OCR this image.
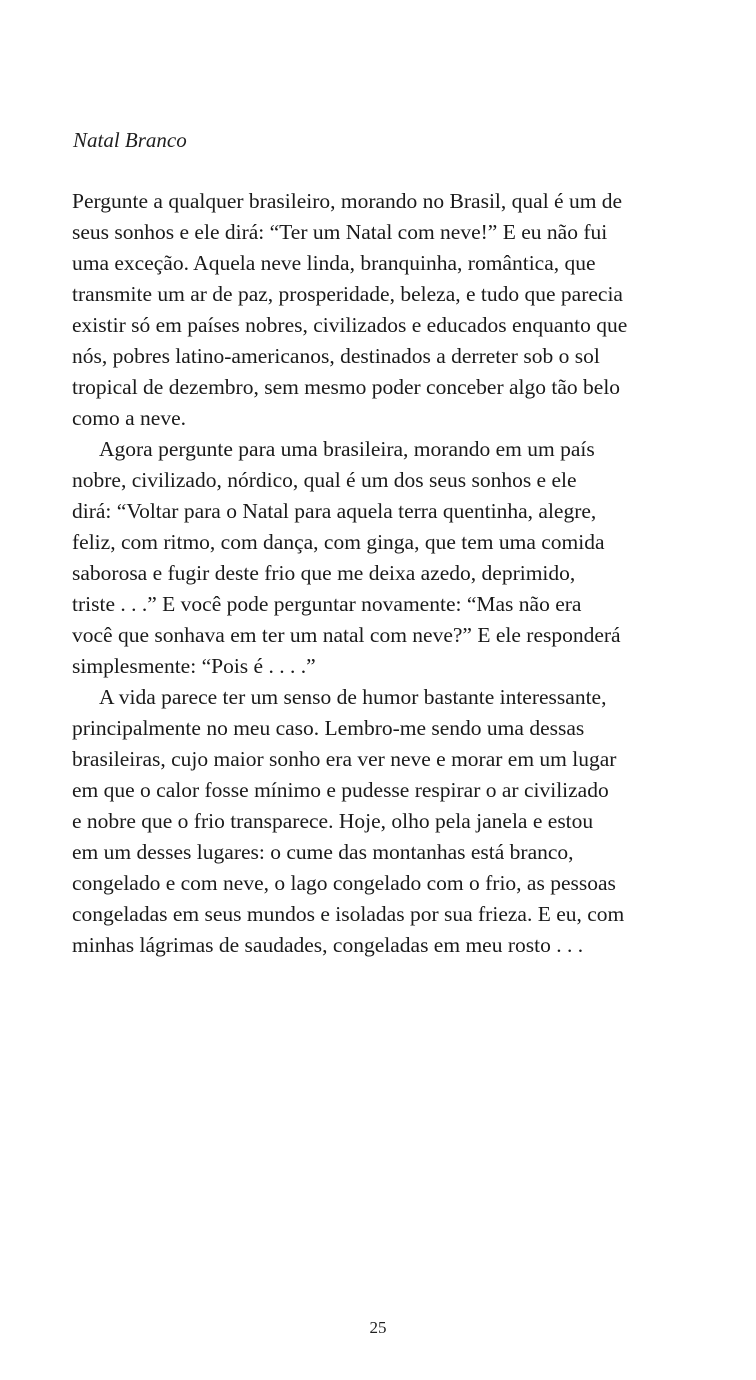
Natal Branco

Pergunte a qualquer brasileiro, morando no Brasil, qual é um de
seus sonhos e ele dirá: “Ter um Natal com neve!” E eu não fui
uma exceção. Aquela neve linda, branquinha, romântica, que
transmite um ar de paz, prosperidade, beleza, e tudo que parecia
existir só em países nobres, civilizados e educados enquanto que
nós, pobres latino-americanos, destinados a derreter sob o sol
tropical de dezembro, sem mesmo poder conceber algo tão belo
como a neve.

Agora pergunte para uma brasileira, morando em um país
nobre, civilizado, nórdico, qual é um dos seus sonhos e ele
dirá: “Voltar para o Natal para aquela terra quentinha, alegre,
feliz, com ritmo, com dança, com ginga, que tem uma comida
saborosa e fugir deste frio que me deixa azedo, deprimido,
triste . . .” E você pode perguntar novamente: “Mas não era
você que sonhava em ter um natal com neve?” E ele responderá
simplesmente: “Pois é . . . .”

A vida parece ter um senso de humor bastante interessante,
principalmente no meu caso. Lembro-me sendo uma dessas
brasileiras, cujo maior sonho era ver neve e morar em um lugar
em que o calor fosse mínimo e pudesse respirar o ar civilizado
e nobre que o frio transparece. Hoje, olho pela janela e estou
em um desses lugares: o cume das montanhas está branco,
congelado e com neve, o lago congelado com o frio, as pessoas
congeladas em seus mundos e isoladas por sua frieza. E eu, com
minhas lágrimas de saudades, congeladas em meu rosto . . .

25
